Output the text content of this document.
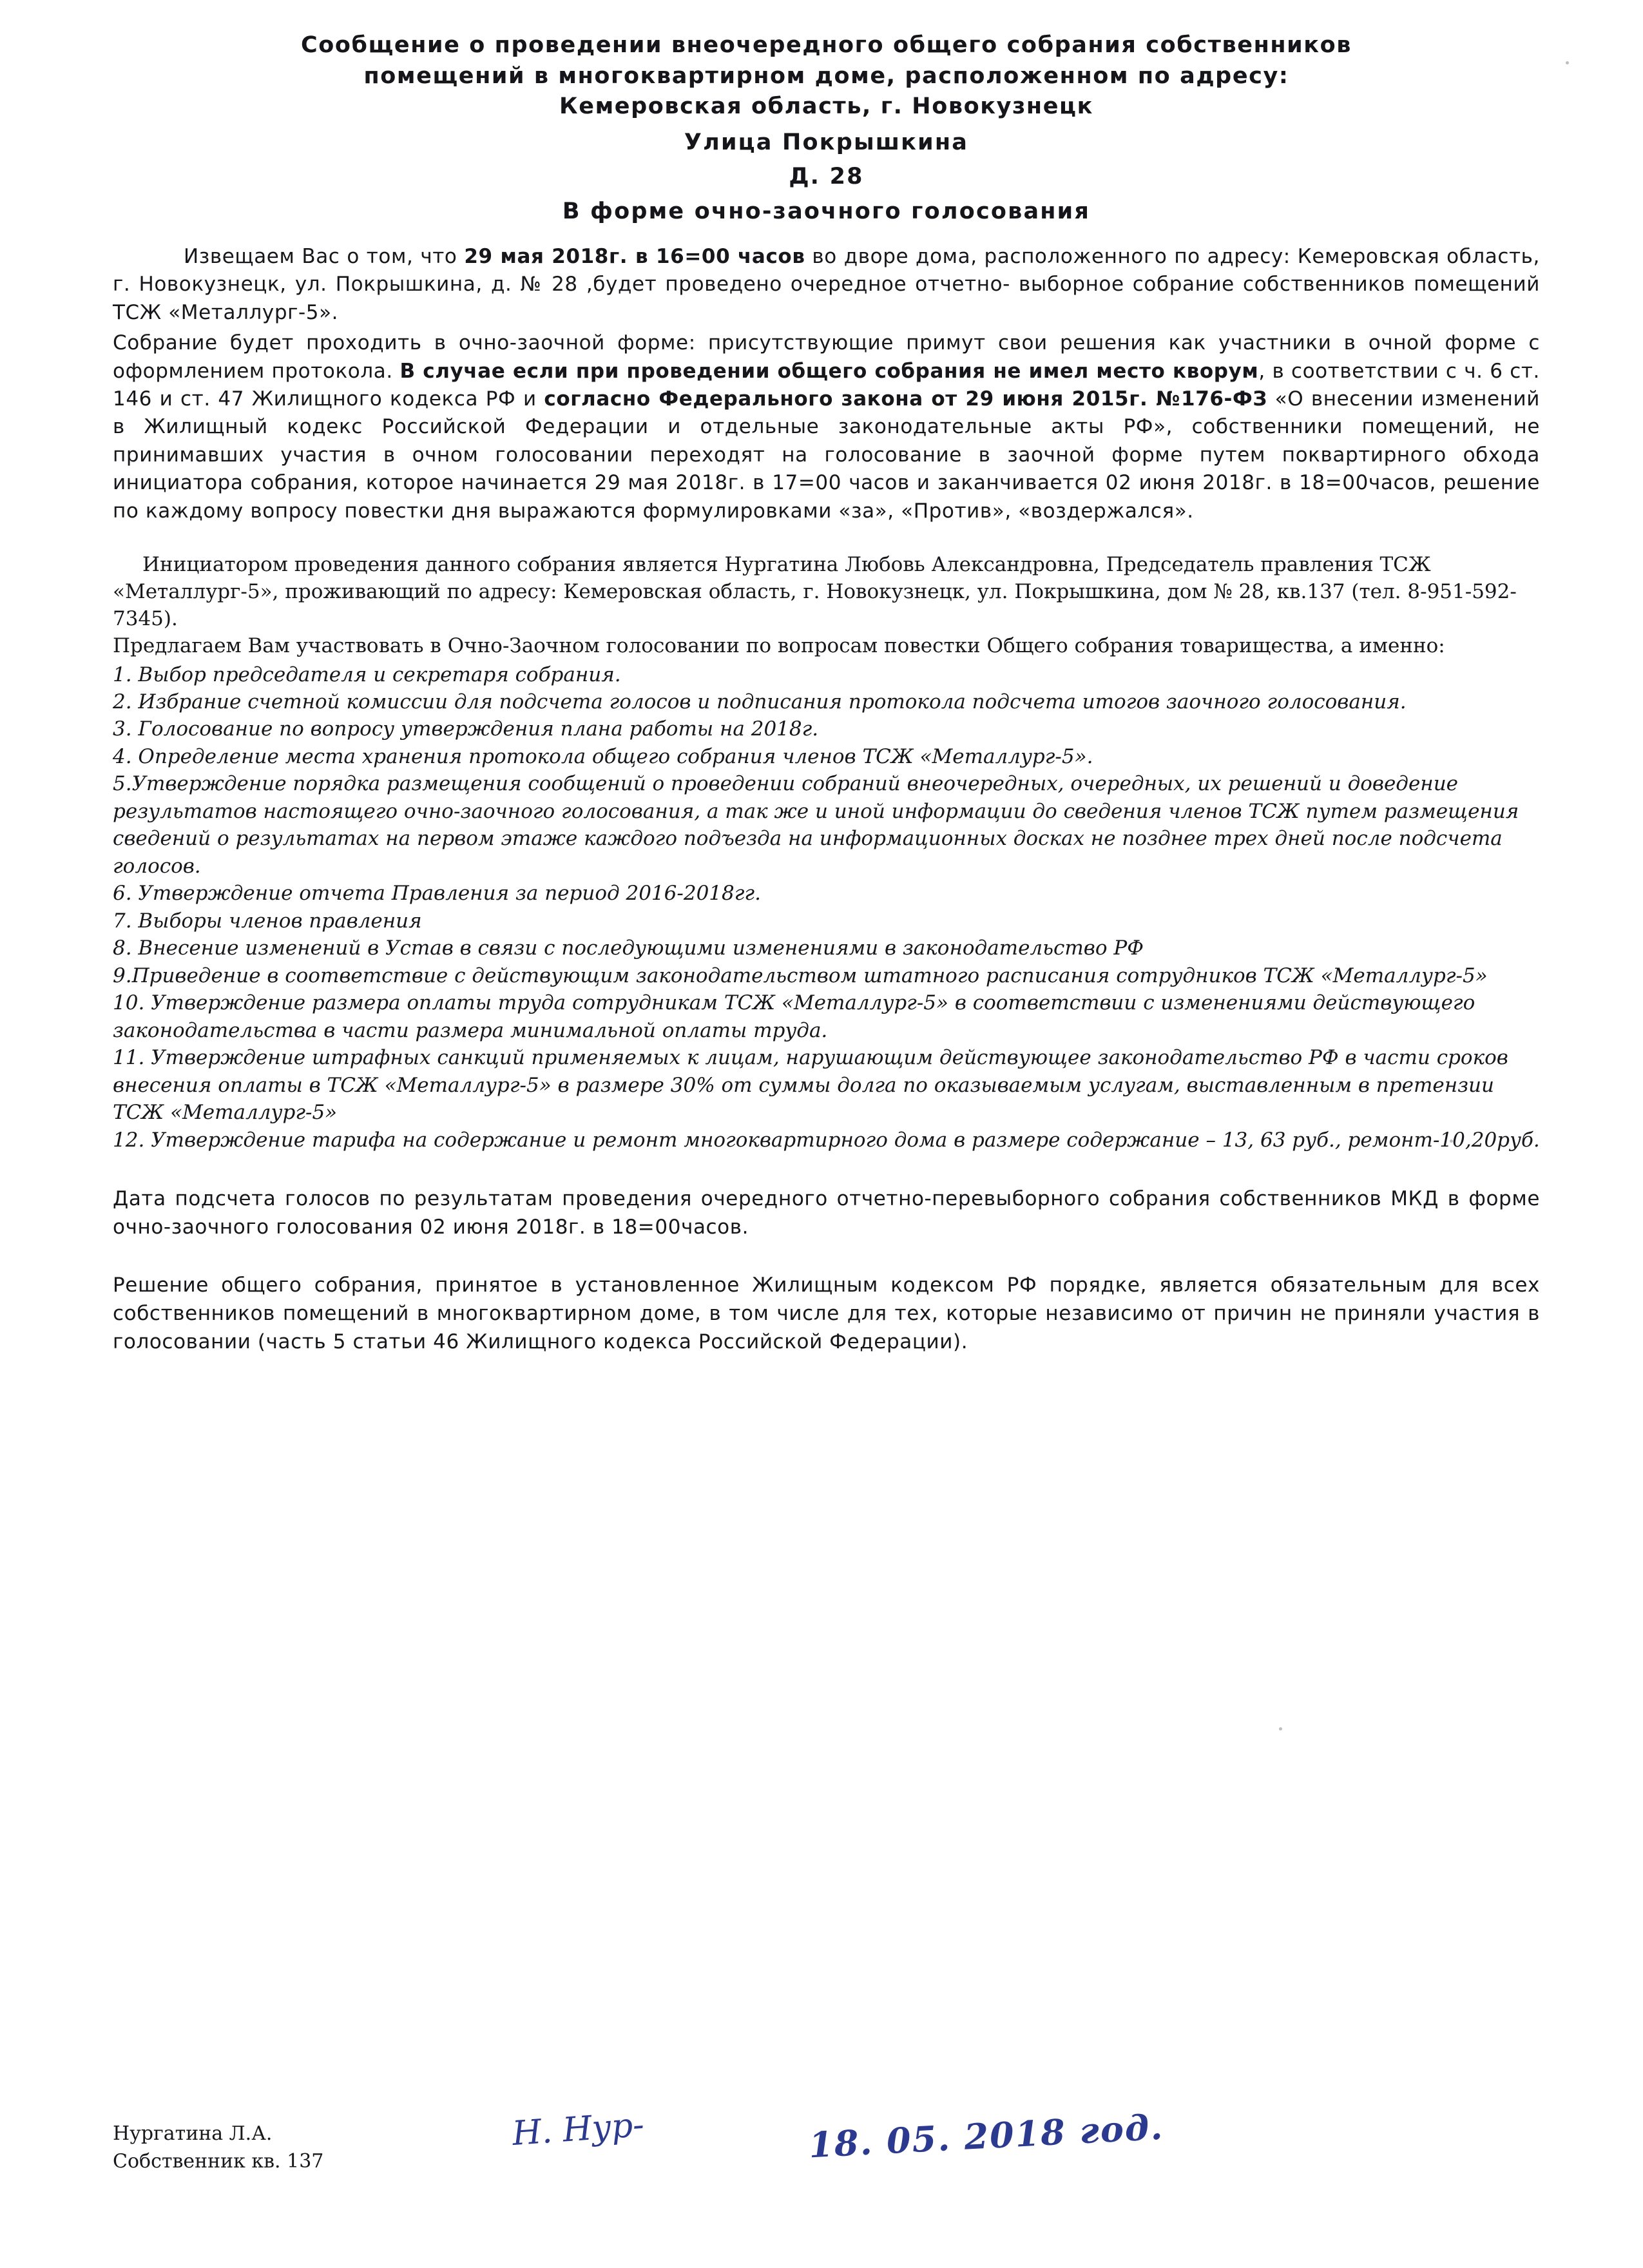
Сообщение о проведении внеочередного общего собрания собственников
помещений в многоквартирном доме, расположенном по адресу:
Кемеровская область, г. Новокузнецк
Улица Покрышкина
Д. 28
В форме очно-заочного голосования
Извещаем Вас о том, что 29 мая 2018г. в 16=00 часов во дворе дома, расположенного по адресу: Кемеровская область, г. Новокузнецк, ул. Покрышкина, д. № 28 ,будет проведено очередное отчетно- выборное собрание собственников помещений ТСЖ «Металлург-5».
Собрание будет проходить в очно-заочной форме: присутствующие примут свои решения как участники в очной форме с оформлением протокола. В случае если при проведении общего собрания не имел место кворум, в соответствии с ч. 6 ст. 146 и ст. 47 Жилищного кодекса РФ и согласно Федерального закона от 29 июня 2015г. №176-ФЗ «О внесении изменений в Жилищный кодекс Российской Федерации и отдельные законодательные акты РФ», собственники помещений, не принимавших участия в очном голосовании переходят на голосование в заочной форме путем поквартирного обхода инициатора собрания, которое начинается 29 мая 2018г. в 17=00 часов и заканчивается 02 июня 2018г. в 18=00часов, решение по каждому вопросу повестки дня выражаются формулировками «за», «Против», «воздержался».

Инициатором проведения данного собрания является Нургатина Любовь Александровна, Председатель правления ТСЖ «Металлург-5», проживающий по адресу: Кемеровская область, г. Новокузнецк, ул. Покрышкина, дом № 28, кв.137 (тел. 8-951-592-7345).

Предлагаем Вам участвовать в Очно-Заочном голосовании по вопросам повестки Общего собрания товарищества, а именно:

1. Выбор председателя и секретаря собрания.

2. Избрание счетной комиссии для подсчета голосов и подписания протокола подсчета итогов заочного голосования.

3. Голосование по вопросу утверждения плана работы на 2018г.

4. Определение места хранения протокола общего собрания членов ТСЖ «Металлург-5».

5.Утверждение порядка размещения сообщений о проведении собраний внеочередных, очередных, их решений и доведение результатов настоящего очно-заочного голосования, а так же и иной информации до сведения членов ТСЖ путем размещения сведений о результатах на первом этаже каждого подъезда на информационных досках не позднее трех дней после подсчета голосов.

6. Утверждение отчета Правления за период 2016-2018гг.

7. Выборы членов правления

8. Внесение изменений в Устав в связи с последующими изменениями в законодательство РФ

9.Приведение в соответствие с действующим законодательством штатного расписания сотрудников ТСЖ «Металлург-5»

10. Утверждение размера оплаты труда сотрудникам ТСЖ «Металлург-5» в соответствии с изменениями действующего законодательства в части размера минимальной оплаты труда.

11. Утверждение штрафных санкций применяемых к лицам, нарушающим действующее законодательство РФ в части сроков внесения оплаты в ТСЖ «Металлург-5» в размере 30% от суммы долга по оказываемым услугам, выставленным в претензии ТСЖ «Металлург-5»

12. Утверждение тарифа на содержание и ремонт многоквартирного дома в размере содержание – 13, 63 руб., ремонт-10,20руб.

Дата подсчета голосов по результатам проведения очередного отчетно-перевыборного собрания собственников МКД в форме очно-заочного голосования 02 июня 2018г. в 18=00часов.
Решение общего собрания, принятое в установленное Жилищным кодексом РФ порядке, является обязательным для всех собственников помещений в многоквартирном доме, в том числе для тех, которые независимо от причин не приняли участия в голосовании (часть 5 статьи 46 Жилищного кодекса Российской Федерации).
Нургатина Л.А.
Собственник кв. 137
Н. Нур-	18. 05. 2018 год.
